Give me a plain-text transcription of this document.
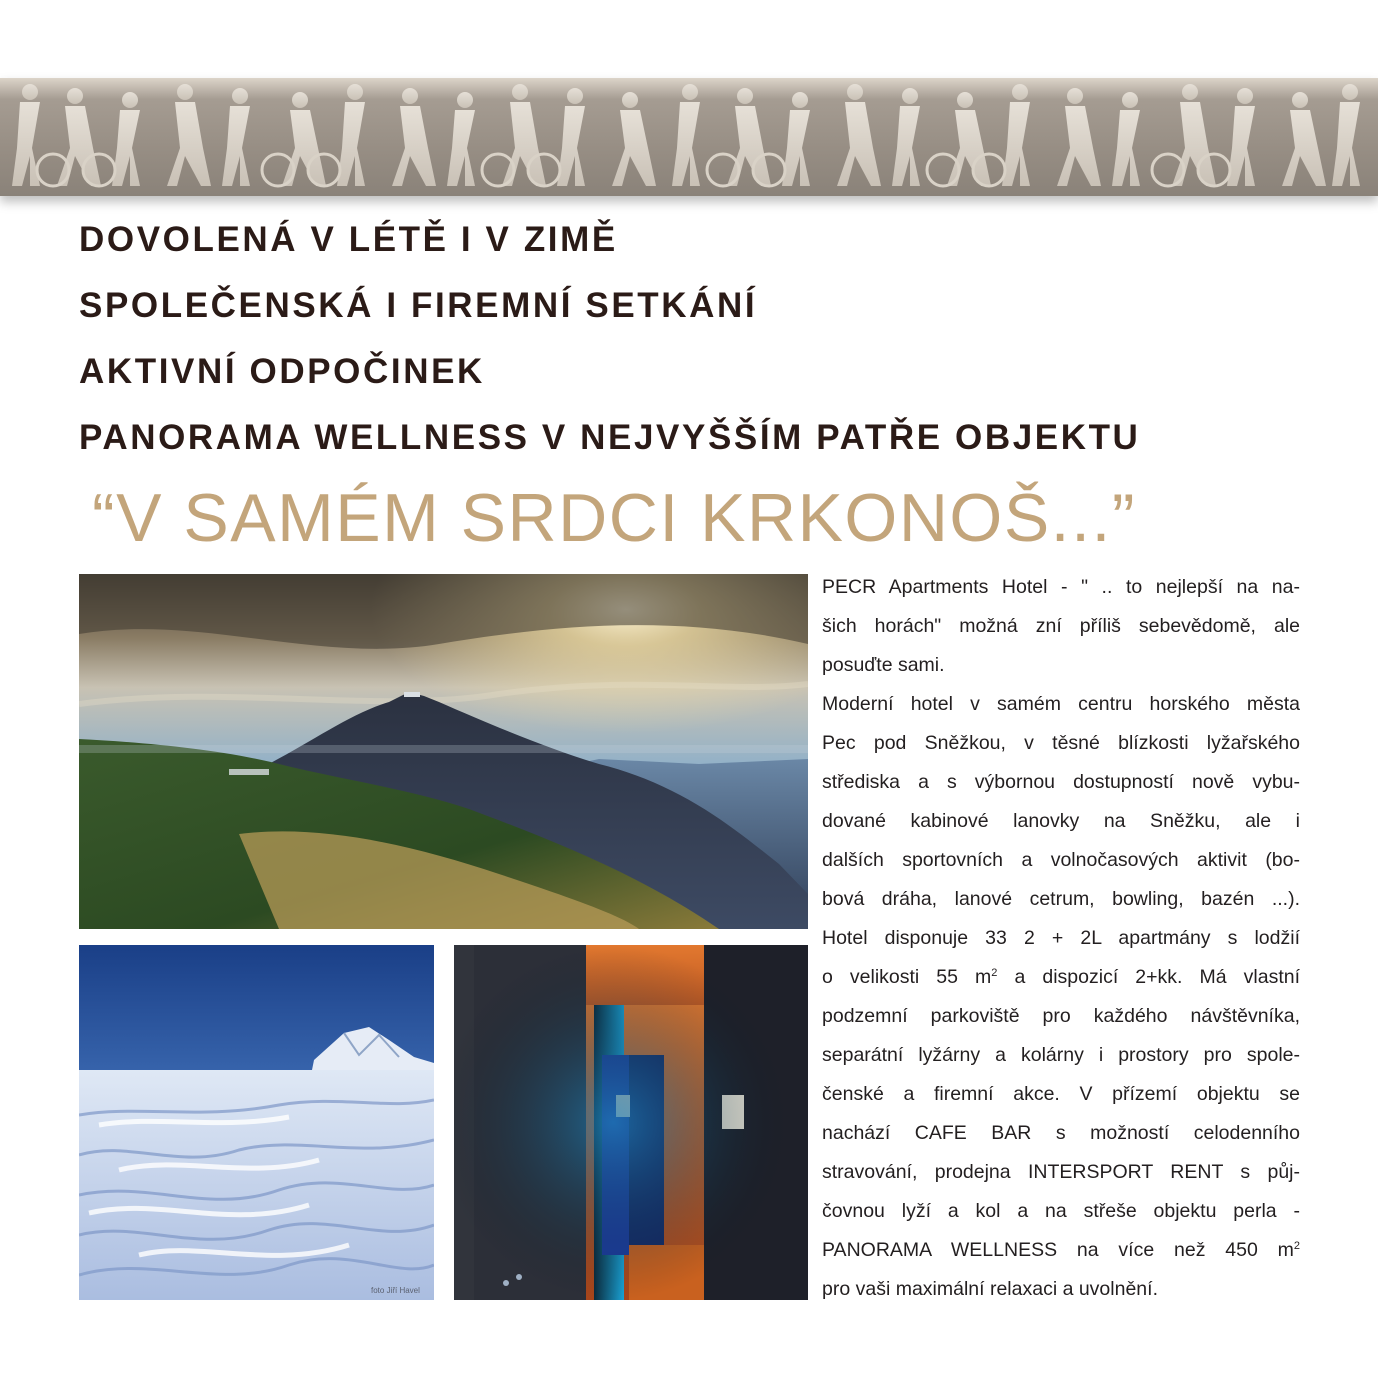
DOVOLENÁ V LÉTĚ I V ZIMĚ
SPOLEČENSKÁ I FIREMNÍ SETKÁNÍ
AKTIVNÍ ODPOČINEK
PANORAMA WELLNESS V NEJVYŠŠÍM PATŘE OBJEKTU
“V SAMÉM SRDCI KRKONOŠ...”
foto Jiří Havel
PECR Apartments Hotel - " .. to nejlepší na na-
šich horách" možná zní příliš sebevědomě, ale
posuďte sami.
Moderní hotel v samém centru horského města
Pec pod Sněžkou, v těsné blízkosti lyžařského
střediska a s výbornou dostupností nově vybu-
dované kabinové lanovky na Sněžku, ale i
dalších sportovních a volnočasových aktivit (bo-
bová dráha, lanové cetrum, bowling, bazén ...).
Hotel disponuje 33 2 + 2L apartmány s lodžií
o velikosti 55 $m^2$ a dispozicí 2+kk. Má vlastní
podzemní parkoviště pro každého návštěvníka,
separátní lyžárny a kolárny i prostory pro spole-
čenské a firemní akce. V přízemí objektu se
nachází CAFE BAR s možností celodenního
stravování, prodejna INTERSPORT RENT s půj-
čovnou lyží a kol a na střeše objektu perla -
PANORAMA WELLNESS na více než 450 $m^2$
pro vaši maximální relaxaci a uvolnění.
